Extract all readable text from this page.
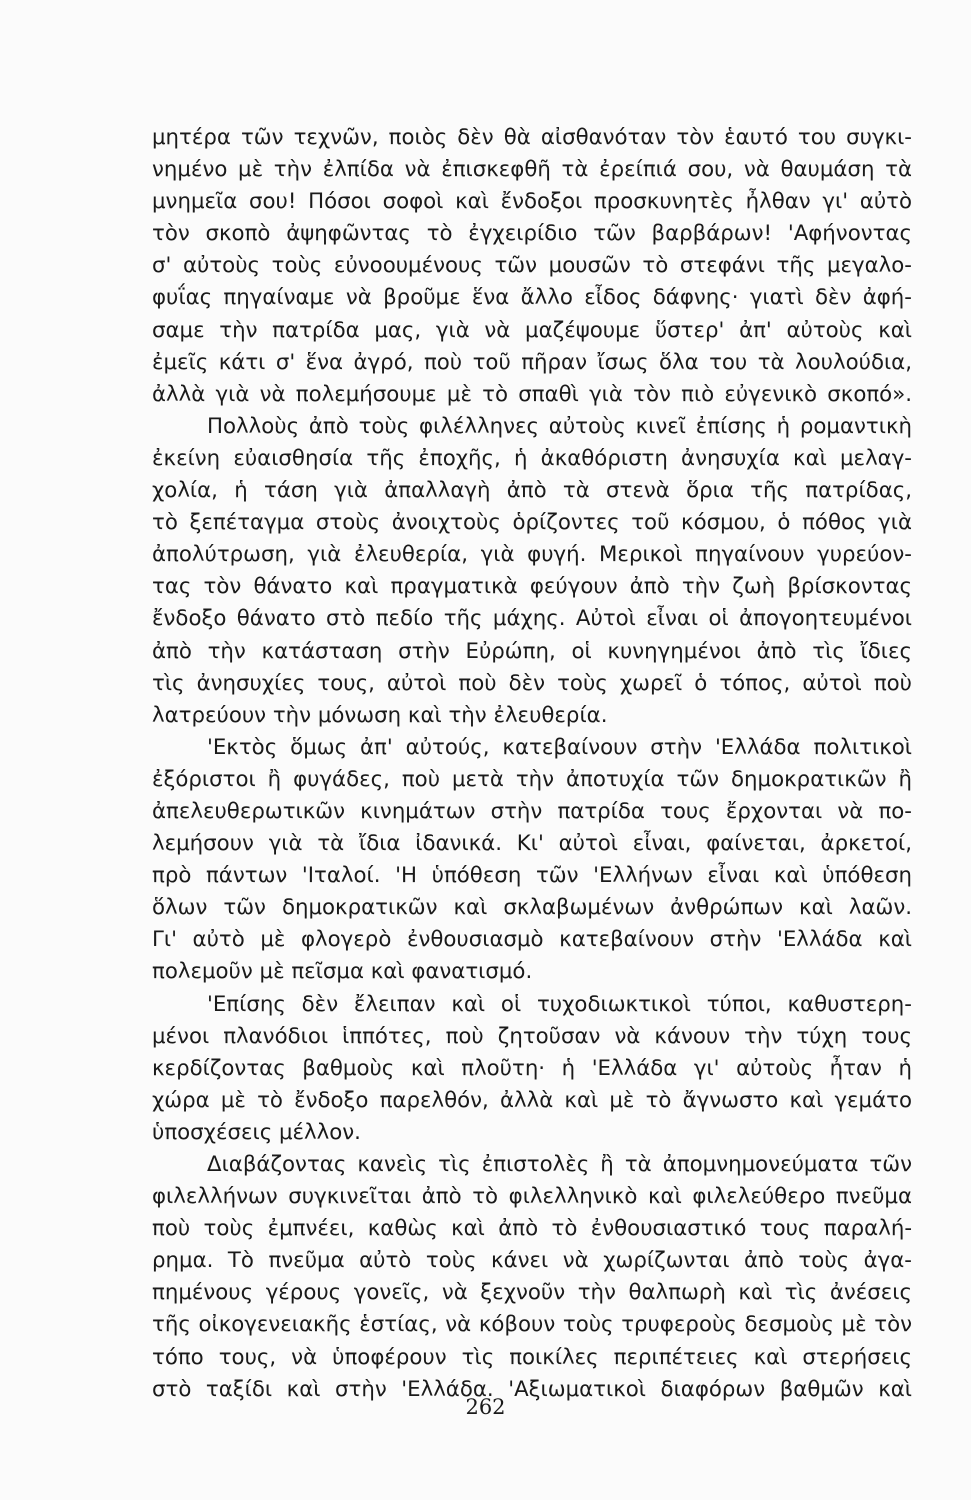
μητέρα τῶν τεχνῶν, ποιὸς δὲν θὰ αἰσθανόταν τὸν ἑαυτό του συγκι-
νημένο μὲ τὴν ἐλπίδα νὰ ἐπισκεφθῆ τὰ ἐρείπιά σου, νὰ θαυμάση τὰ
μνημεῖα σου! Πόσοι σοφοὶ καὶ ἔνδοξοι προσκυνητὲς ἦλθαν γι' αὐτὸ
τὸν σκοπὸ ἀψηφῶντας τὸ ἐγχειρίδιο τῶν βαρβάρων! 'Αφήνοντας
σ' αὐτοὺς τοὺς εὐνοουμένους τῶν μουσῶν τὸ στεφάνι τῆς μεγαλο-
φυΐας πηγαίναμε νὰ βροῦμε ἕνα ἄλλο εἶδος δάφνης· γιατὶ δὲν ἀφή-
σαμε τὴν πατρίδα μας, γιὰ νὰ μαζέψουμε ὕστερ' ἀπ' αὐτοὺς καὶ
ἐμεῖς κάτι σ' ἕνα ἀγρό, ποὺ τοῦ πῆραν ἴσως ὅλα του τὰ λουλούδια,
ἀλλὰ γιὰ νὰ πολεμήσουμε μὲ τὸ σπαθὶ γιὰ τὸν πιὸ εὐγενικὸ σκοπό».
Πολλοὺς ἀπὸ τοὺς φιλέλληνες αὐτοὺς κινεῖ ἐπίσης ἡ ρομαντικὴ
ἐκείνη εὐαισθησία τῆς ἐποχῆς, ἡ ἀκαθόριστη ἀνησυχία καὶ μελαγ-
χολία, ἡ τάση γιὰ ἀπαλλαγὴ ἀπὸ τὰ στενὰ ὅρια τῆς πατρίδας,
τὸ ξεπέταγμα στοὺς ἀνοιχτοὺς ὁρίζοντες τοῦ κόσμου, ὁ πόθος γιὰ
ἀπολύτρωση, γιὰ ἐλευθερία, γιὰ φυγή. Μερικοὶ πηγαίνουν γυρεύον-
τας τὸν θάνατο καὶ πραγματικὰ φεύγουν ἀπὸ τὴν ζωὴ βρίσκοντας
ἔνδοξο θάνατο στὸ πεδίο τῆς μάχης. Αὐτοὶ εἶναι οἱ ἀπογοητευμένοι
ἀπὸ τὴν κατάσταση στὴν Εὐρώπη, οἱ κυνηγημένοι ἀπὸ τὶς ἴδιες
τὶς ἀνησυχίες τους, αὐτοὶ ποὺ δὲν τοὺς χωρεῖ ὁ τόπος, αὐτοὶ ποὺ
λατρεύουν τὴν μόνωση καὶ τὴν ἐλευθερία.
'Εκτὸς ὅμως ἀπ' αὐτούς, κατεβαίνουν στὴν 'Ελλάδα πολιτικοὶ
ἐξόριστοι ἢ φυγάδες, ποὺ μετὰ τὴν ἀποτυχία τῶν δημοκρατικῶν ἢ
ἀπελευθερωτικῶν κινημάτων στὴν πατρίδα τους ἔρχονται νὰ πο-
λεμήσουν γιὰ τὰ ἴδια ἰδανικά. Κι' αὐτοὶ εἶναι, φαίνεται, ἀρκετοί,
πρὸ πάντων 'Ιταλοί. 'Η ὑπόθεση τῶν 'Ελλήνων εἶναι καὶ ὑπόθεση
ὅλων τῶν δημοκρατικῶν καὶ σκλαβωμένων ἀνθρώπων καὶ λαῶν.
Γι' αὐτὸ μὲ φλογερὸ ἐνθουσιασμὸ κατεβαίνουν στὴν 'Ελλάδα καὶ
πολεμοῦν μὲ πεῖσμα καὶ φανατισμό.
'Επίσης δὲν ἔλειπαν καὶ οἱ τυχοδιωκτικοὶ τύποι, καθυστερη-
μένοι πλανόδιοι ἱππότες, ποὺ ζητοῦσαν νὰ κάνουν τὴν τύχη τους
κερδίζοντας βαθμοὺς καὶ πλοῦτη· ἡ 'Ελλάδα γι' αὐτοὺς ἦταν ἡ
χώρα μὲ τὸ ἔνδοξο παρελθόν, ἀλλὰ καὶ μὲ τὸ ἄγνωστο καὶ γεμάτο
ὑποσχέσεις μέλλον.
Διαβάζοντας κανεὶς τὶς ἐπιστολὲς ἢ τὰ ἀπομνημονεύματα τῶν
φιλελλήνων συγκινεῖται ἀπὸ τὸ φιλελληνικὸ καὶ φιλελεύθερο πνεῦμα
ποὺ τοὺς ἐμπνέει, καθὼς καὶ ἀπὸ τὸ ἐνθουσιαστικό τους παραλή-
ρημα. Τὸ πνεῦμα αὐτὸ τοὺς κάνει νὰ χωρίζωνται ἀπὸ τοὺς ἀγα-
πημένους γέρους γονεῖς, νὰ ξεχνοῦν τὴν θαλπωρὴ καὶ τὶς ἀνέσεις
τῆς οἰκογενειακῆς ἑστίας, νὰ κόβουν τοὺς τρυφεροὺς δεσμοὺς μὲ τὸν
τόπο τους, νὰ ὑποφέρουν τὶς ποικίλες περιπέτειες καὶ στερήσεις
στὸ ταξίδι καὶ στὴν 'Ελλάδα. 'Αξιωματικοὶ διαφόρων βαθμῶν καὶ
262
